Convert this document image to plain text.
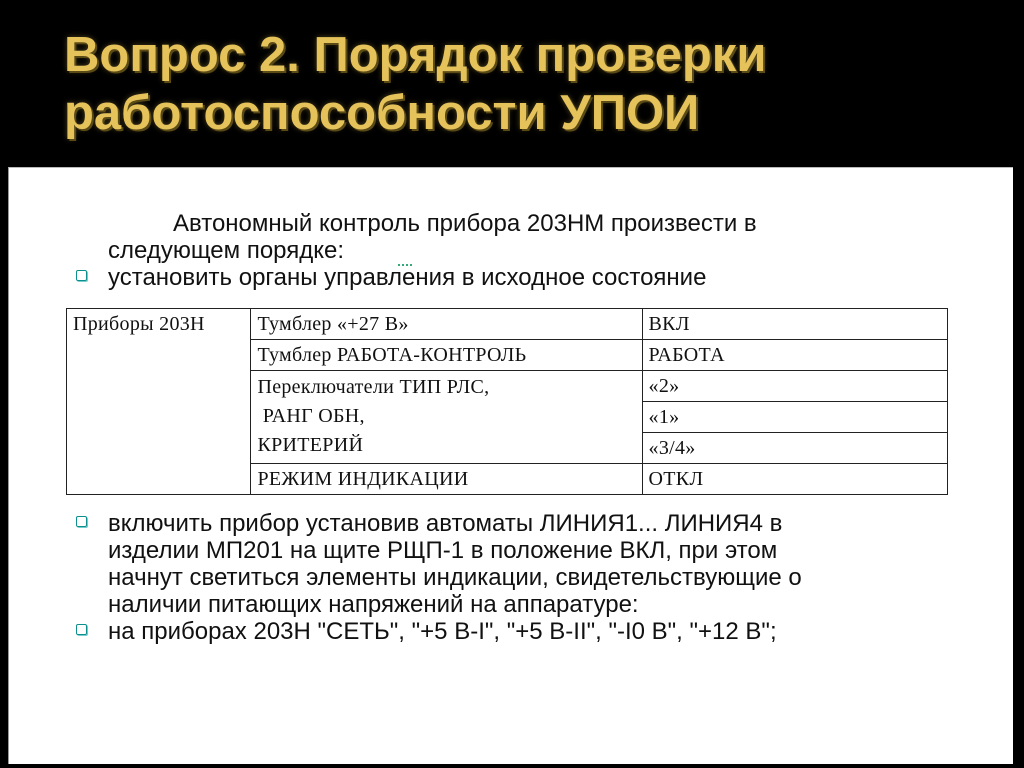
Вопрос 2. Порядок проверки
работоспособности УПОИ
Автономный контроль прибора 203НМ произвести в
следующем порядке:
установить органы управления в исходное состояние
Приборы 203Н	Тумблер «+27 В»	ВКЛ
	Тумблер РАБОТА-КОНТРОЛЬ	РАБОТА

	Переключатели ТИП РЛС,
РАНГ ОБН,
КРИТЕРИЙ	«2»
		«1»
		«3/4»
	РЕЖИМ ИНДИКАЦИИ	ОТКЛ
включить прибор установив автоматы ЛИНИЯ1... ЛИНИЯ4 в
изделии МП201 на щите РЩП-1 в положение ВКЛ, при этом
начнут светиться элементы индикации, свидетельствующие о
наличии питающих напряжений на аппаратуре:
на приборах 203Н "СЕТЬ", "+5 В-I", "+5 В-II", "-I0 В", "+12 В";
